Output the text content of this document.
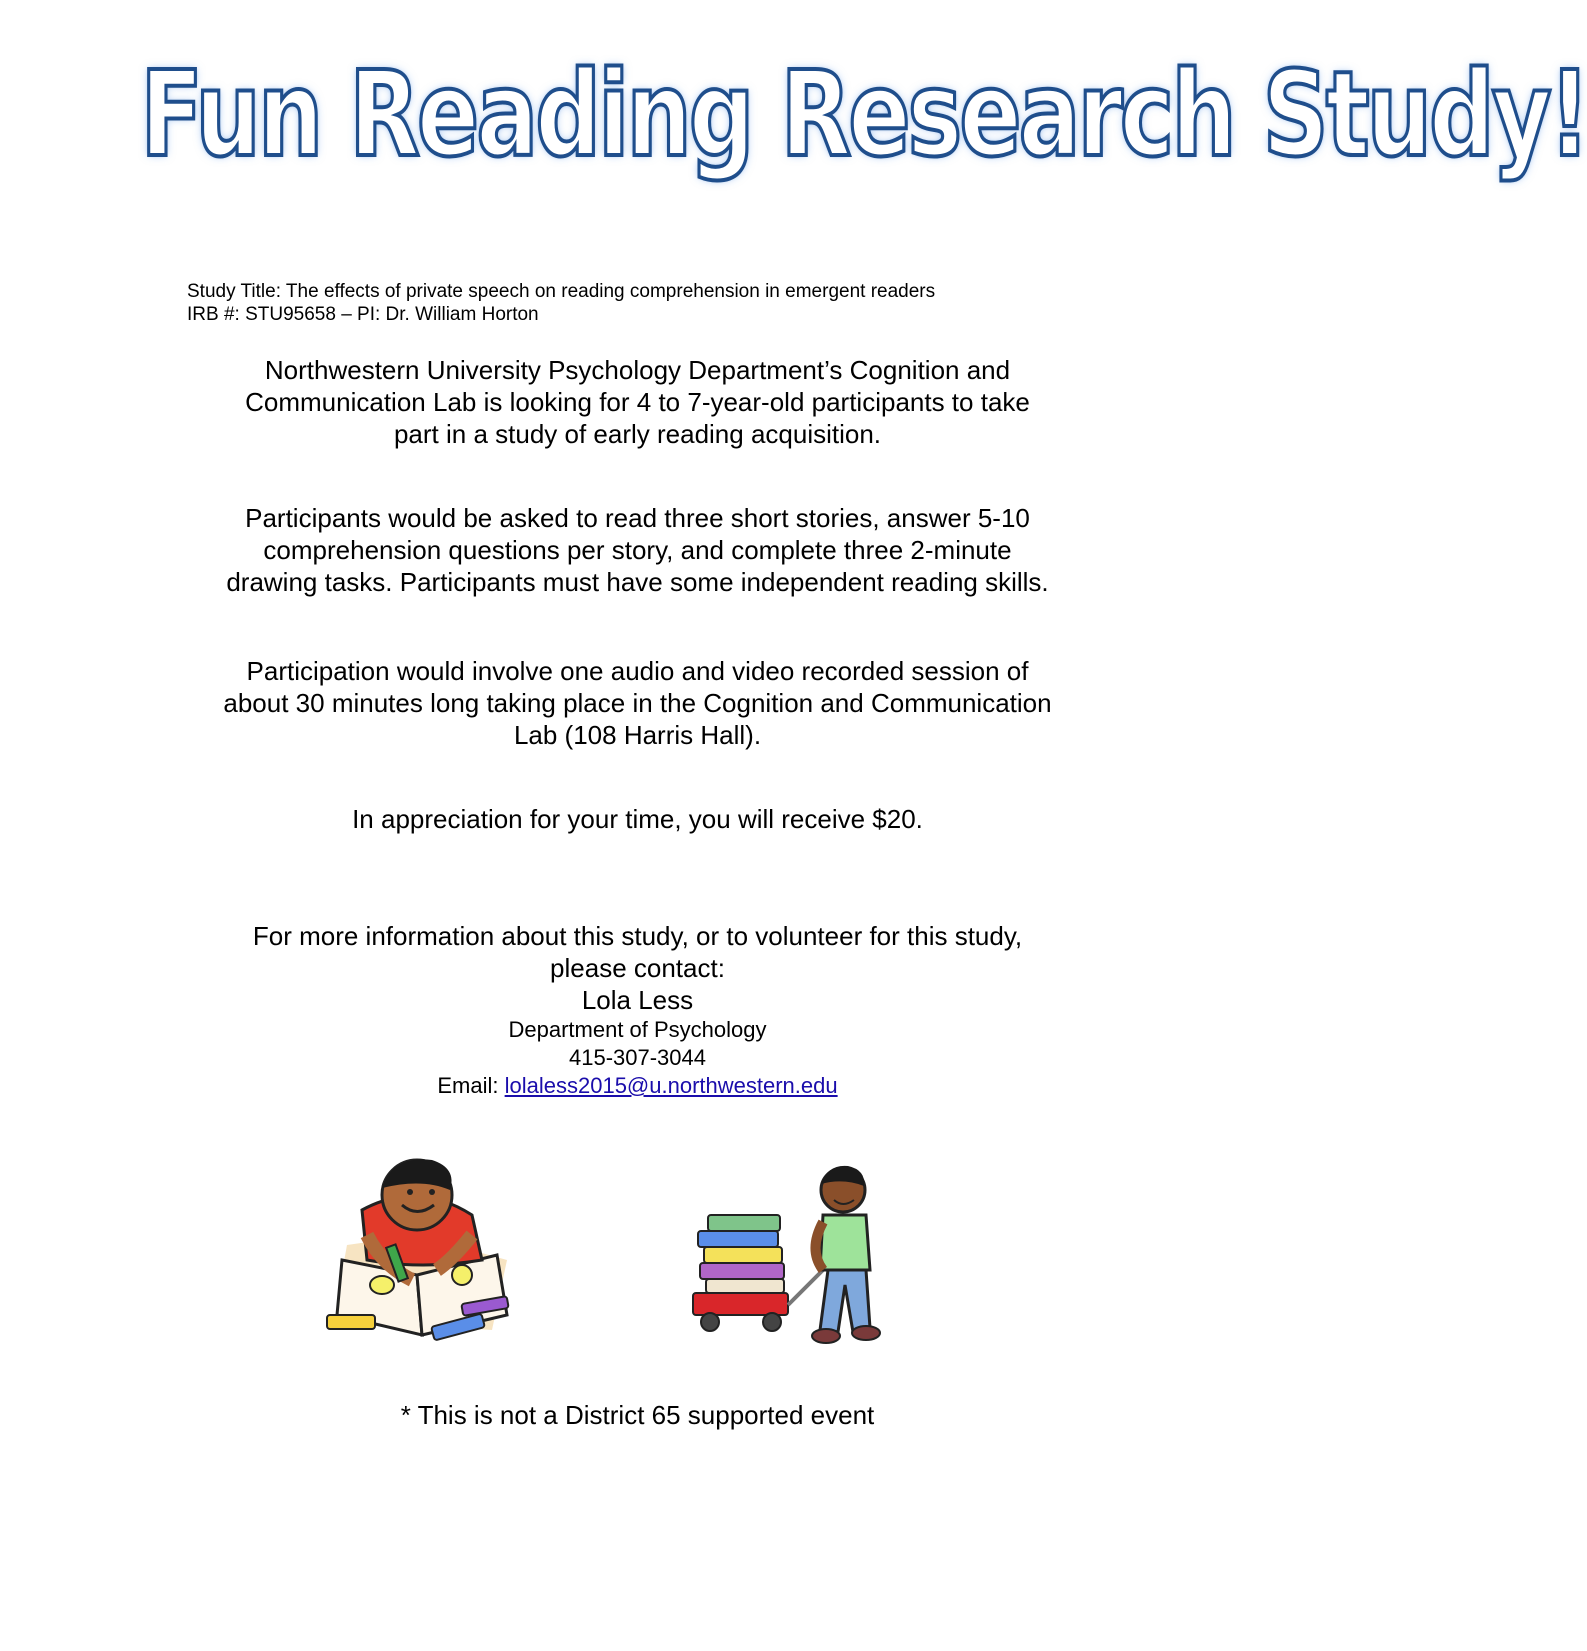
Fun Reading Research Study!
Study Title: The effects of private speech on reading comprehension in emergent readers
IRB #: STU95658 – PI: Dr. William Horton
Northwestern University Psychology Department’s Cognition and
Communication Lab is looking for 4 to 7-year-old participants to take
part in a study of early reading acquisition.
Participants would be asked to read three short stories, answer 5-10
comprehension questions per story, and complete three 2-minute
drawing tasks. Participants must have some independent reading skills.
Participation would involve one audio and video recorded session of
about 30 minutes long taking place in the Cognition and Communication
Lab (108 Harris Hall).
In appreciation for your time, you will receive $20.
For more information about this study, or to volunteer for this study,
please contact:
Lola Less
Department of Psychology
415-307-3044
Email: lolaless2015@u.northwestern.edu
* This is not a District 65 supported event
